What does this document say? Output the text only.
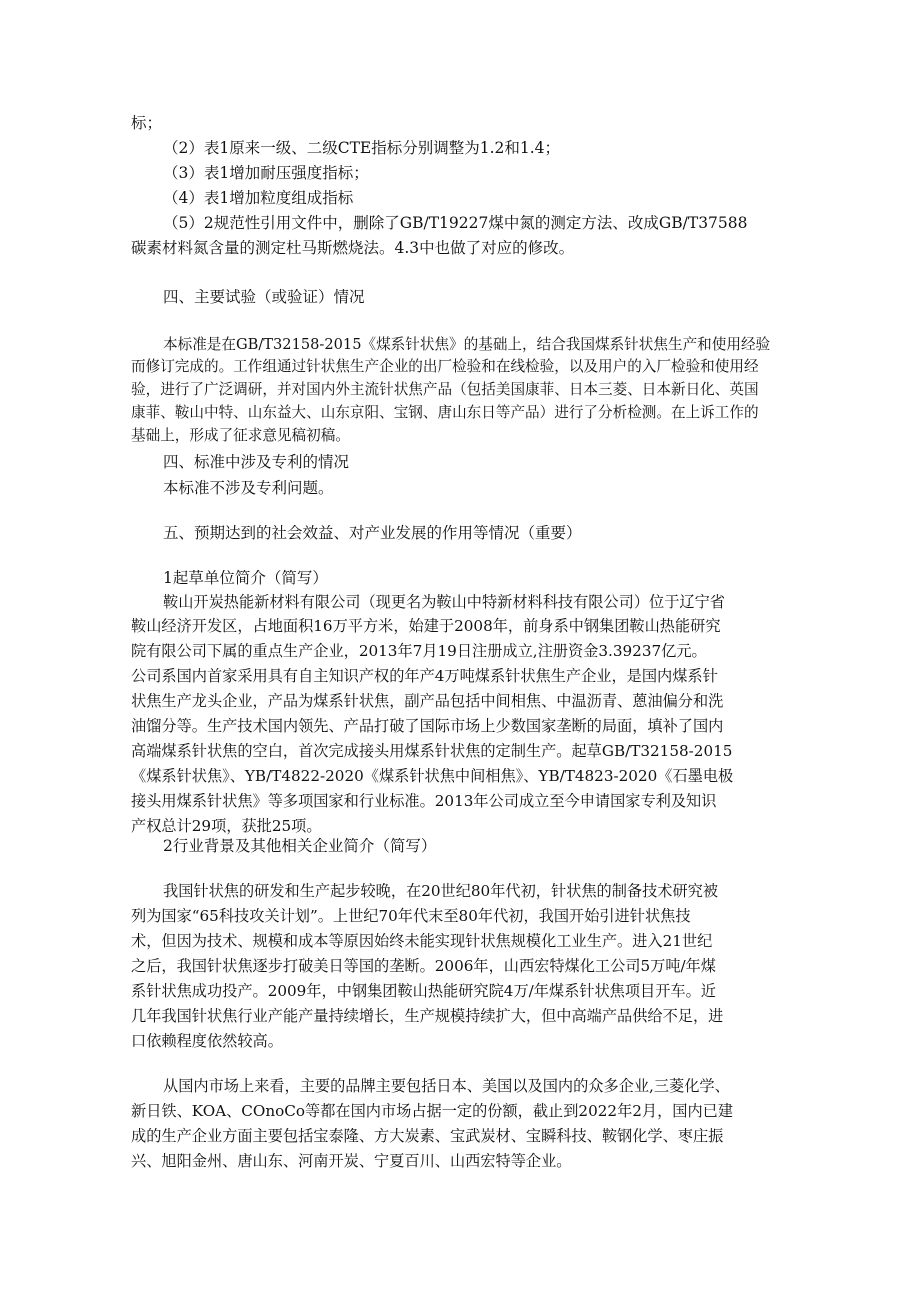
标；
（2）表1原来一级、二级CTE指标分别调整为1.2和1.4；
（3）表1增加耐压强度指标；
（4）表1增加粒度组成指标
（5）2规范性引用文件中，删除了GB/T19227煤中氮的测定方法、改成GB/T37588
碳素材料氮含量的测定杜马斯燃烧法。4.3中也做了对应的修改。
四、主要试验（或验证）情况
本标准是在GB/T32158-2015《煤系针状焦》的基础上，结合我国煤系针状焦生产和使用经验
而修订完成的。工作组通过针状焦生产企业的出厂检验和在线检验，以及用户的入厂检验和使用经
验，进行了广泛调研，并对国内外主流针状焦产品（包括美国康菲、日本三菱、日本新日化、英国
康菲、鞍山中特、山东益大、山东京阳、宝钢、唐山东日等产品）进行了分析检测。在上诉工作的
基础上，形成了征求意见稿初稿。
四、标准中涉及专利的情况
本标准不涉及专利问题。
五、预期达到的社会效益、对产业发展的作用等情况（重要）
1起草单位简介（简写）
鞍山开炭热能新材料有限公司（现更名为鞍山中特新材料科技有限公司）位于辽宁省
鞍山经济开发区，占地面积16万平方米，始建于2008年，前身系中钢集团鞍山热能研究
院有限公司下属的重点生产企业，2013年7月19日注册成立,注册资金3.39237亿元。
公司系国内首家采用具有自主知识产权的年产4万吨煤系针状焦生产企业，是国内煤系针
状焦生产龙头企业，产品为煤系针状焦，副产品包括中间相焦、中温沥青、蒽油偏分和洗
油馏分等。生产技术国内领先、产品打破了国际市场上少数国家垄断的局面，填补了国内
高端煤系针状焦的空白，首次完成接头用煤系针状焦的定制生产。起草GB/T32158-2015
《煤系针状焦》、YB/T4822-2020《煤系针状焦中间相焦》、YB/T4823-2020《石墨电极
接头用煤系针状焦》等多项国家和行业标准。2013年公司成立至今申请国家专利及知识
产权总计29项，获批25项。
2行业背景及其他相关企业简介（简写）
我国针状焦的研发和生产起步较晚，在20世纪80年代初，针状焦的制备技术研究被
列为国家“65科技攻关计划”。上世纪70年代末至80年代初，我国开始引进针状焦技
术，但因为技术、规模和成本等原因始终未能实现针状焦规模化工业生产。进入21世纪
之后，我国针状焦逐步打破美日等国的垄断。2006年，山西宏特煤化工公司5万吨/年煤
系针状焦成功投产。2009年，中钢集团鞍山热能研究院4万/年煤系针状焦项目开车。近
几年我国针状焦行业产能产量持续增长，生产规模持续扩大，但中高端产品供给不足，进
口依赖程度依然较高。
从国内市场上来看，主要的品牌主要包括日本、美国以及国内的众多企业,三菱化学、
新日铁、KOA、COnoCo等都在国内市场占据一定的份额，截止到2022年2月，国内已建
成的生产企业方面主要包括宝泰隆、方大炭素、宝武炭材、宝瞬科技、鞍钢化学、枣庄振
兴、旭阳金州、唐山东、河南开炭、宁夏百川、山西宏特等企业。
